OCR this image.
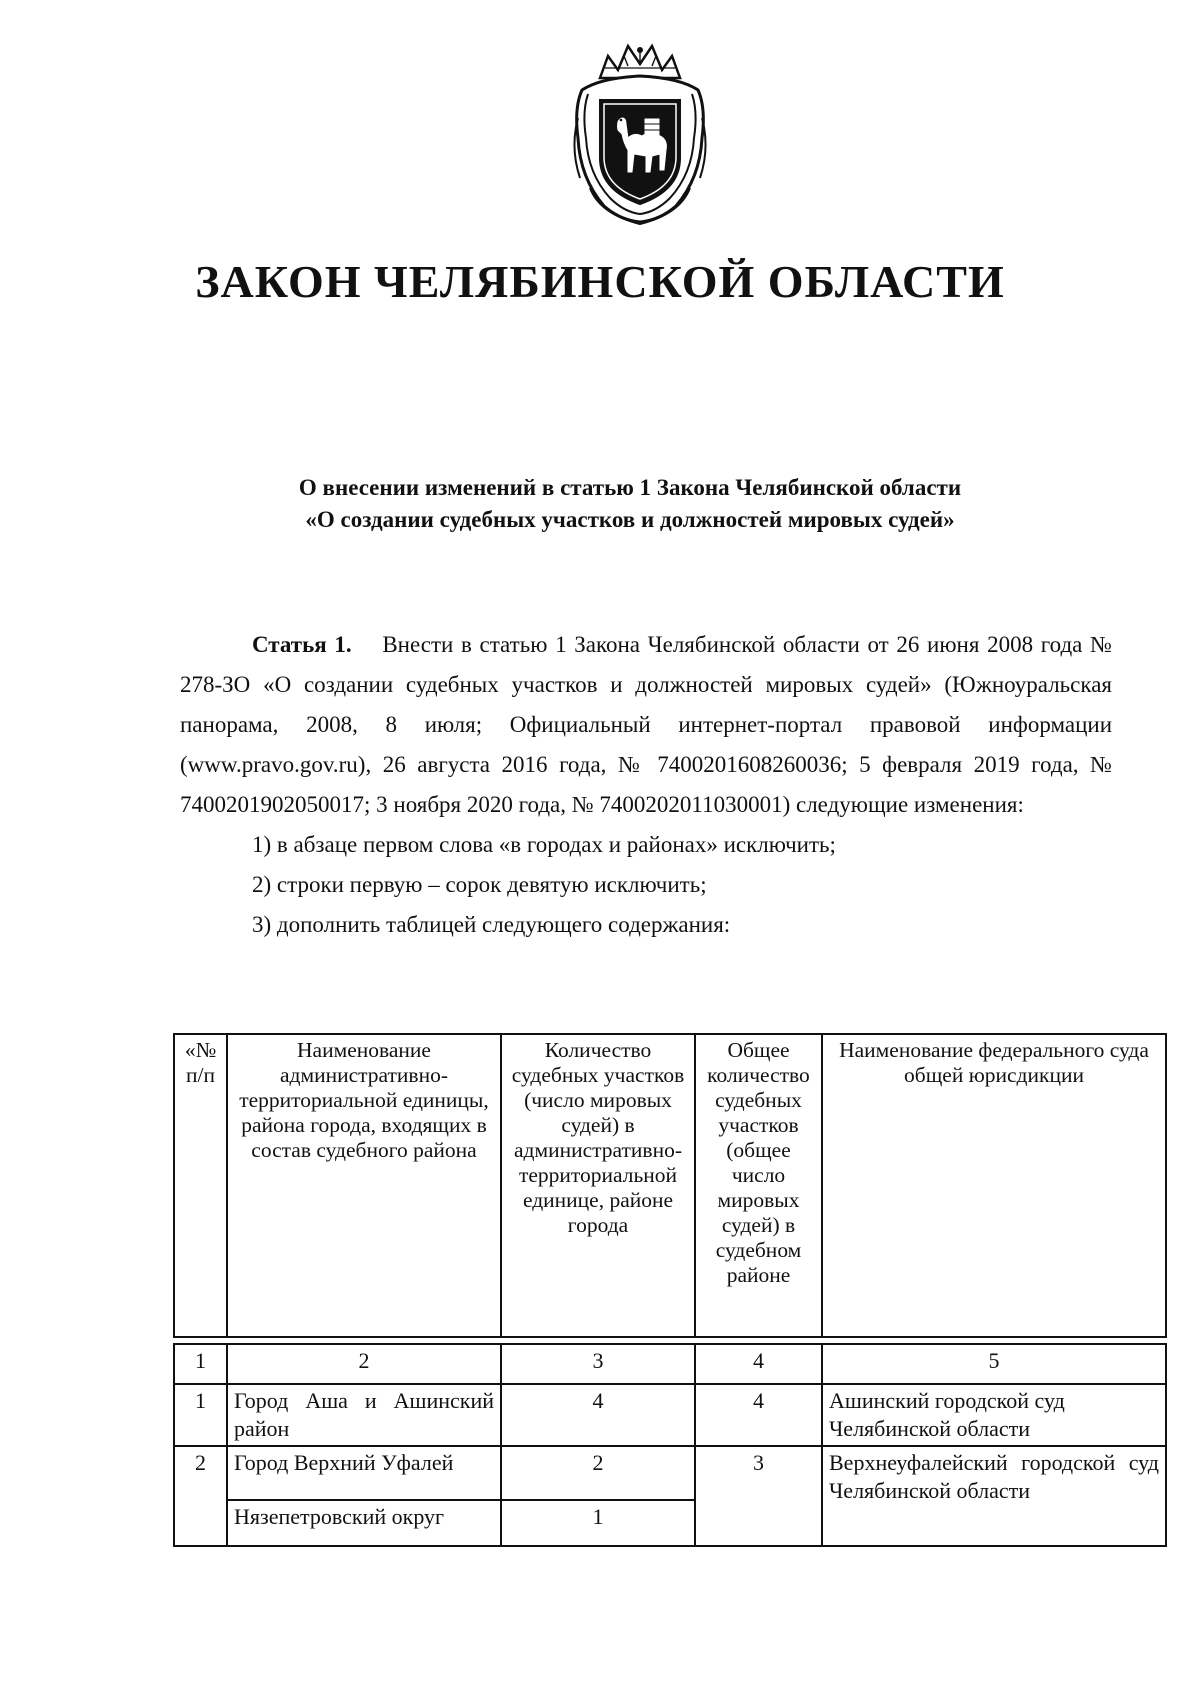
ЗАКОН ЧЕЛЯБИНСКОЙ ОБЛАСТИ
О внесении изменений в статью 1 Закона Челябинской области
«О создании судебных участков и должностей мировых судей»

Статья 1. Внести в статью 1 Закона Челябинской области от 26 июня 2008 года № 278-ЗО «О создании судебных участков и должностей мировых судей» (Южноуральская панорама, 2008, 8 июля; Официальный интернет-портал правовой информации (www.pravo.gov.ru), 26 августа 2016 года, № 7400201608260036; 5 февраля 2019 года, № 7400201902050017; 3 ноября 2020 года, № 7400202011030001) следующие изменения:

1) в абзаце первом слова «в городах и районах» исключить;

2) строки первую – сорок девятую исключить;

3) дополнить таблицей следующего содержания:

«№ п/п	Наименование административно-территориальной единицы, района города, входящих в состав судебного района	Количество судебных участков (число мировых судей) в административно-территориальной единице, районе города	Общее количество судебных участков (общее число мировых судей) в судебном районе	Наименование федерального суда общей юрисдикции
1	2	3	4	5
1	Город Аша и Ашинский район	4	4	Ашинский городской суд Челябинской области
2	Город Верхний Уфалей	2	3	Верхнеуфалейский городской суд Челябинской области
	Нязепетровский округ	1		
